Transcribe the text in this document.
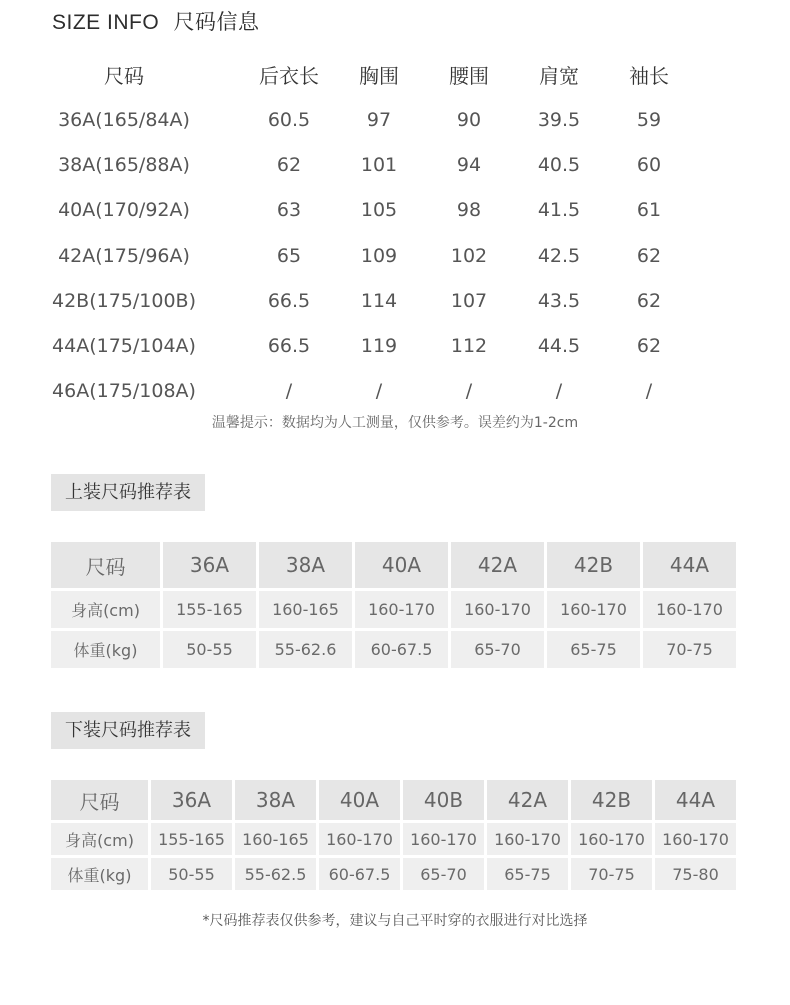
SIZE INFO 尺码信息
尺码	后衣长	胸围	腰围	肩宽	袖长
36A(165/84A)	60.5	97	90	39.5	59
38A(165/88A)	62	101	94	40.5	60
40A(170/92A)	63	105	98	41.5	61
42A(175/96A)	65	109	102	42.5	62
42B(175/100B)	66.5	114	107	43.5	62
44A(175/104A)	66.5	119	112	44.5	62
46A(175/108A)	/	/	/	/	/
温馨提示：数据均为人工测量，仅供参考。误差约为1-2cm
上装尺码推荐表
尺码	36A	38A	40A	42A	42B	44A
身高(cm)	155-165	160-165	160-170	160-170	160-170	160-170
体重(kg)	50-55	55-62.6	60-67.5	65-70	65-75	70-75
下装尺码推荐表
尺码	36A	38A	40A	40B	42A	42B	44A
身高(cm)	155-165	160-165	160-170	160-170	160-170	160-170	160-170
体重(kg)	50-55	55-62.5	60-67.5	65-70	65-75	70-75	75-80
*尺码推荐表仅供参考，建议与自己平时穿的衣服进行对比选择
